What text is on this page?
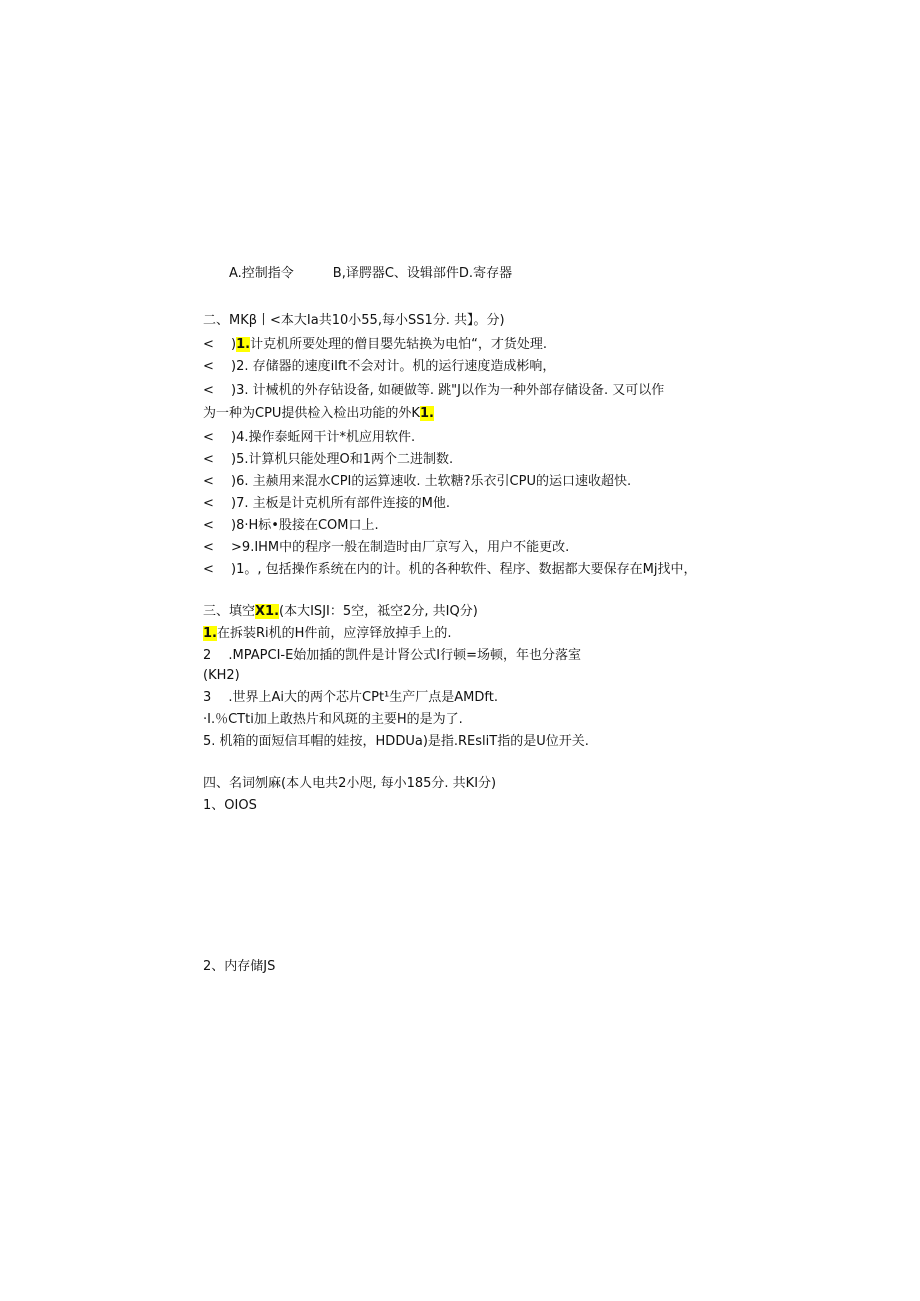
A.控制指令　　　B,译腭器C、设辑部件D.寄存器
二、MKβ丨<本大Ia共10小55,每小SS1分. 共】。分)
<　 )1.计克机所要处理的僧目嬰先轱换为电怕“，才货处理.
<　 )2. 存储器的速度ilft不会对计。机的运行速度造成彬响，
<　 )3. 计械机的外存钻设备, 如硬做等. 跳"J以作为一种外部存储设备. 又可以作
为一种为CPU提供检入检出功能的外K1.
<　 )4.操作泰蚯网干计*机应用软件.
<　 )5.计算机只能处理O和1两个二进制数.
<　 )6. 主赪用来混水CPI的运算速收. 土软糖?乐衣引CPU的运口速收超快.
<　 )7. 主板是计克机所有部件连接的M他.
<　 )8·H标•股接在COM口上.
<　 >9.IHM中的程序一般在制造时由厂京写入，用户不能更改.
<　 )1。, 包括操作系统在内的计。机的各种软件、程序、数据都大要保存在Mj找中，
三、填空X1.(本大ISJI：5空，祗空2分, 共IQ分)
1.在拆装Ri机的H件前，应淳铎放掉手上的.
2　 .MPAPCI-E始加插的凯件是计肾公式I行顿=场顿，年也分落室
(KH2)
3　 .世界上Ai大的两个芯片CPt¹生产厂点是AMDft.
·I.％CTti加上敢热片和风斑的主要H的是为了.
5. 机箱的面短信耳帽的娃按，HDDUa)是指.REsliT指的是U位开关.
四、名词刎麻(本人电共2小咫, 每小185分. 共KI分)
1、OIOS
2、内存储JS
